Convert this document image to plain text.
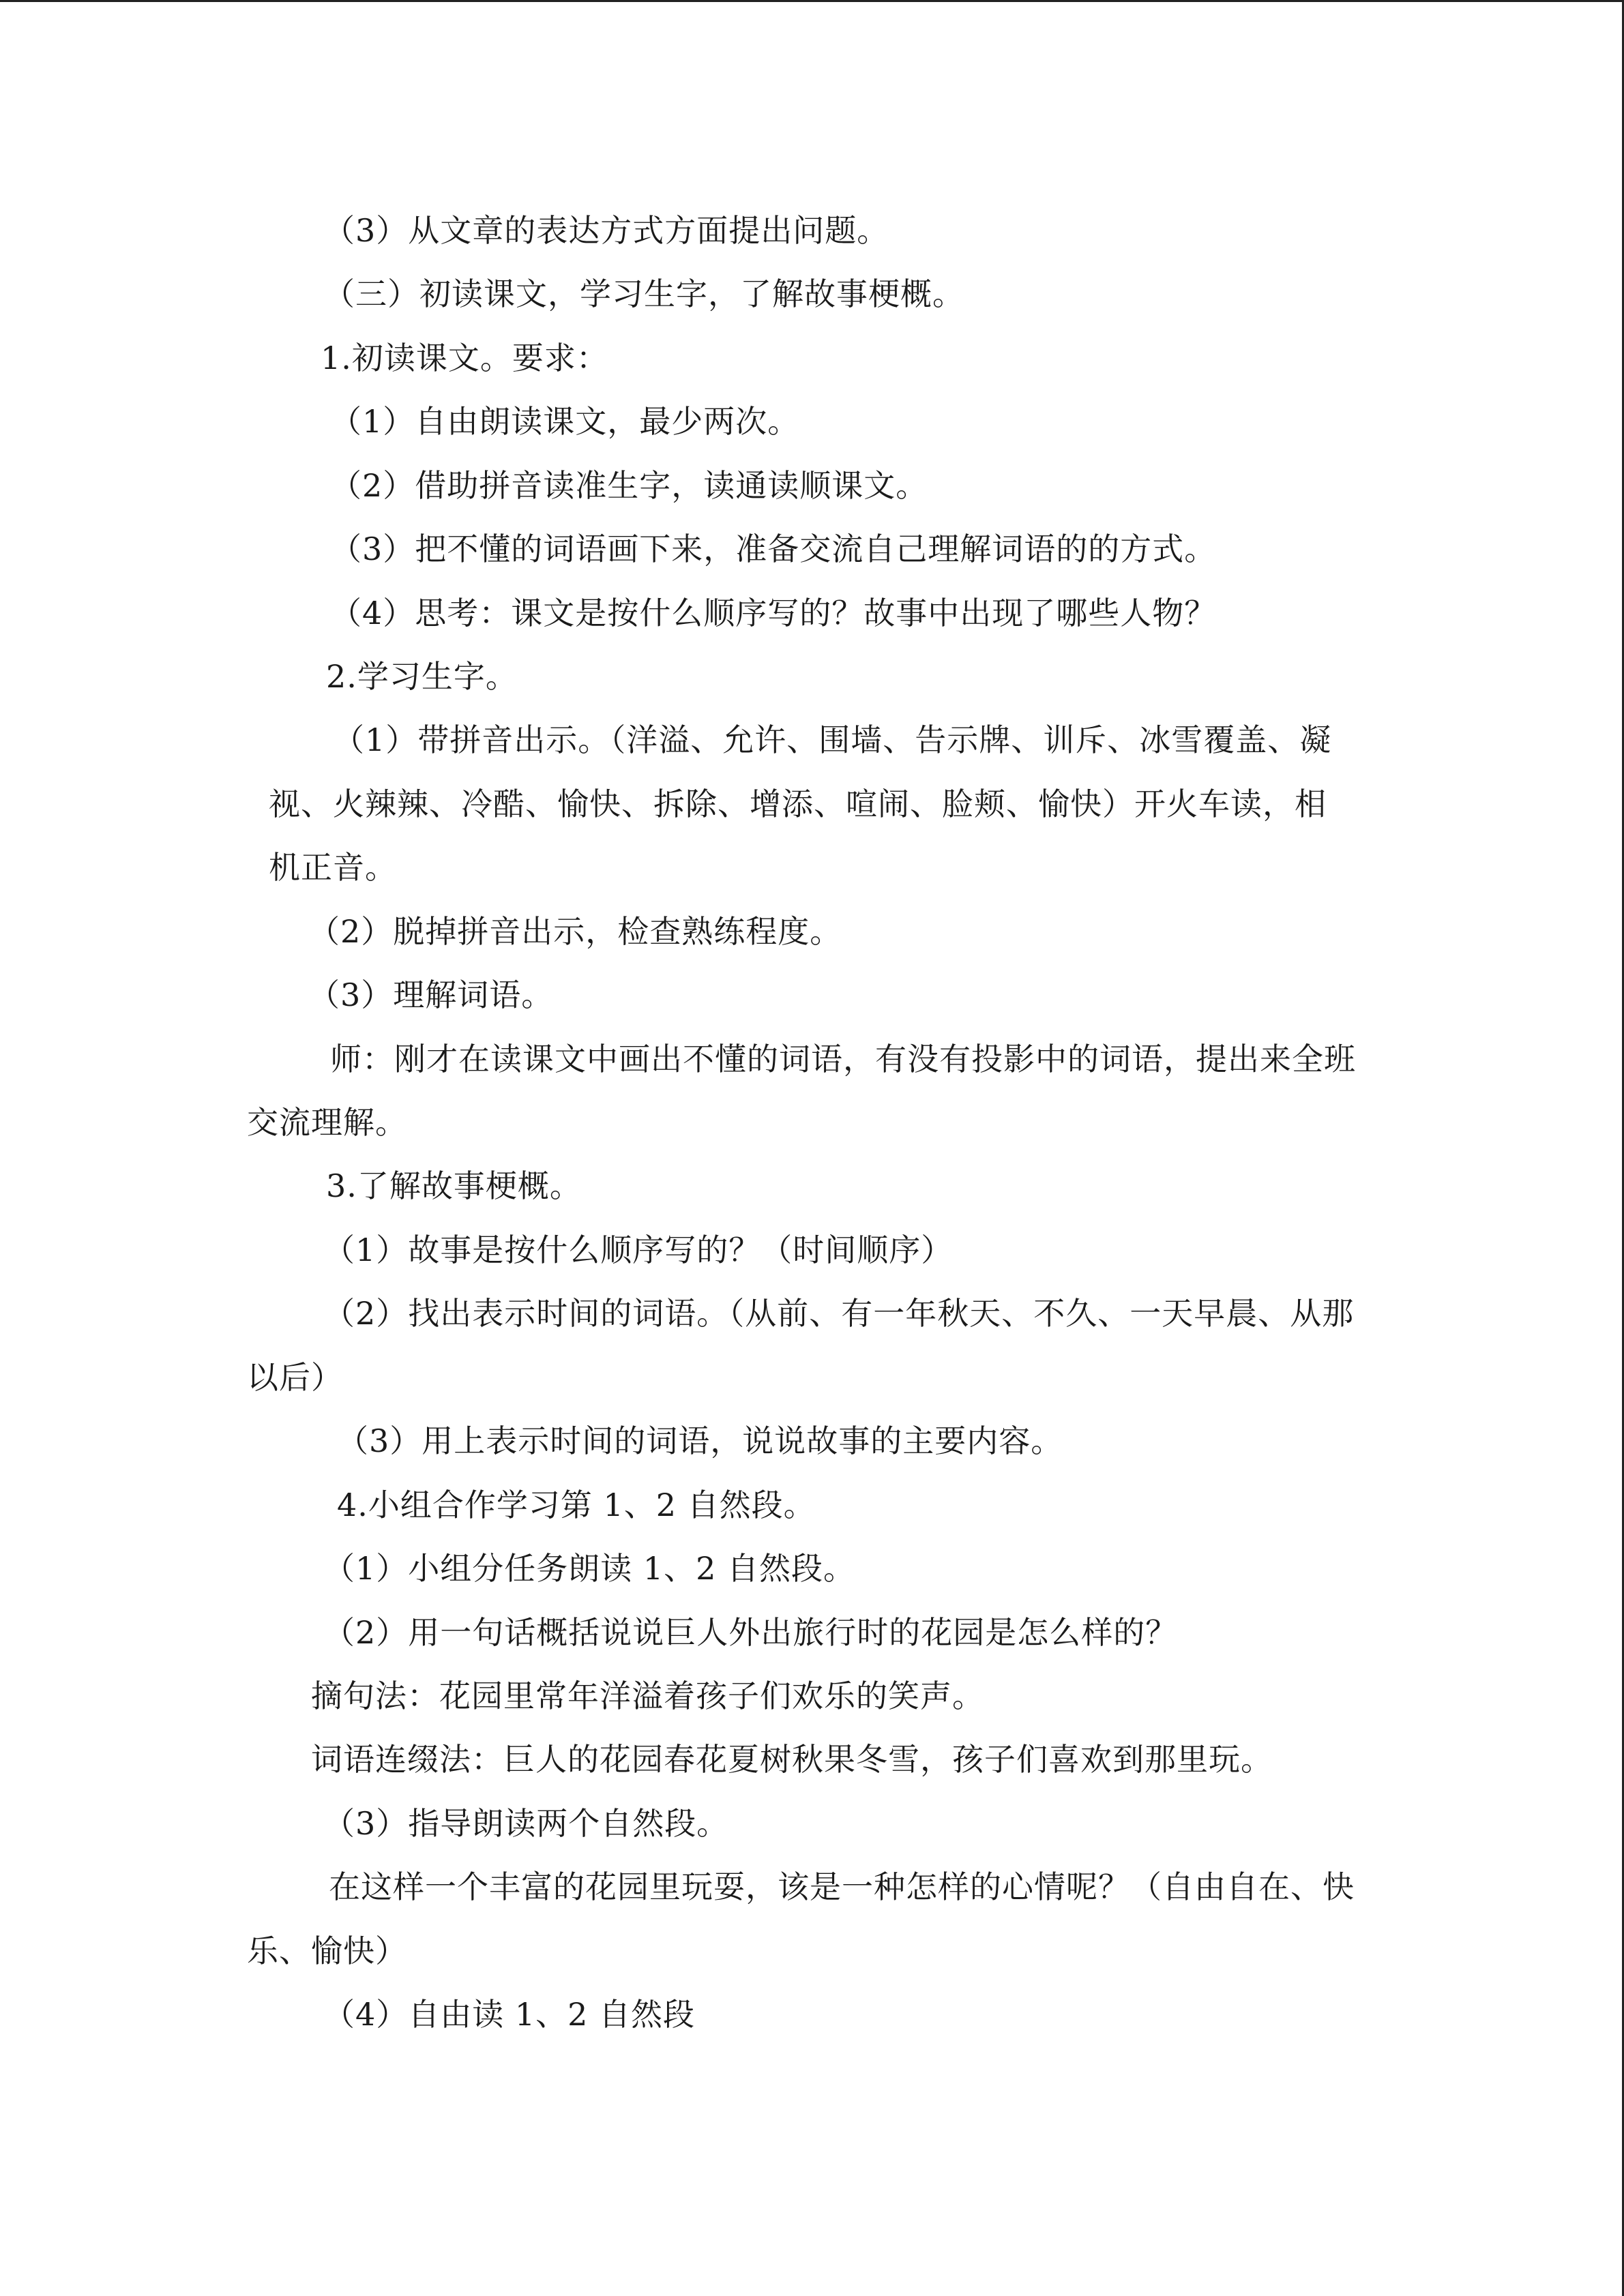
（3）从文章的表达方式方面提出问题。
（三）初读课文，学习生字，了解故事梗概。
1.初读课文。要求：
（1）自由朗读课文，最少两次。
（2）借助拼音读准生字，读通读顺课文。
（3）把不懂的词语画下来，准备交流自己理解词语的的方式。
（4）思考：课文是按什么顺序写的？故事中出现了哪些人物？
2.学习生字。
（1）带拼音出示。（洋溢、允许、围墙、告示牌、训斥、冰雪覆盖、凝
视、火辣辣、冷酷、愉快、拆除、增添、喧闹、脸颊、愉快）开火车读，相
机正音。
（2）脱掉拼音出示，检查熟练程度。
（3）理解词语。
师：刚才在读课文中画出不懂的词语，有没有投影中的词语，提出来全班
交流理解。
3.了解故事梗概。
（1）故事是按什么顺序写的？（时间顺序）
（2）找出表示时间的词语。（从前、有一年秋天、不久、一天早晨、从那
以后）
（3）用上表示时间的词语，说说故事的主要内容。
4.小组合作学习第 1、2 自然段。
（1）小组分任务朗读 1、2 自然段。
（2）用一句话概括说说巨人外出旅行时的花园是怎么样的？
摘句法：花园里常年洋溢着孩子们欢乐的笑声。
词语连缀法：巨人的花园春花夏树秋果冬雪，孩子们喜欢到那里玩。
（3）指导朗读两个自然段。
在这样一个丰富的花园里玩耍，该是一种怎样的心情呢？（自由自在、快
乐、愉快）
（4）自由读 1、2 自然段
